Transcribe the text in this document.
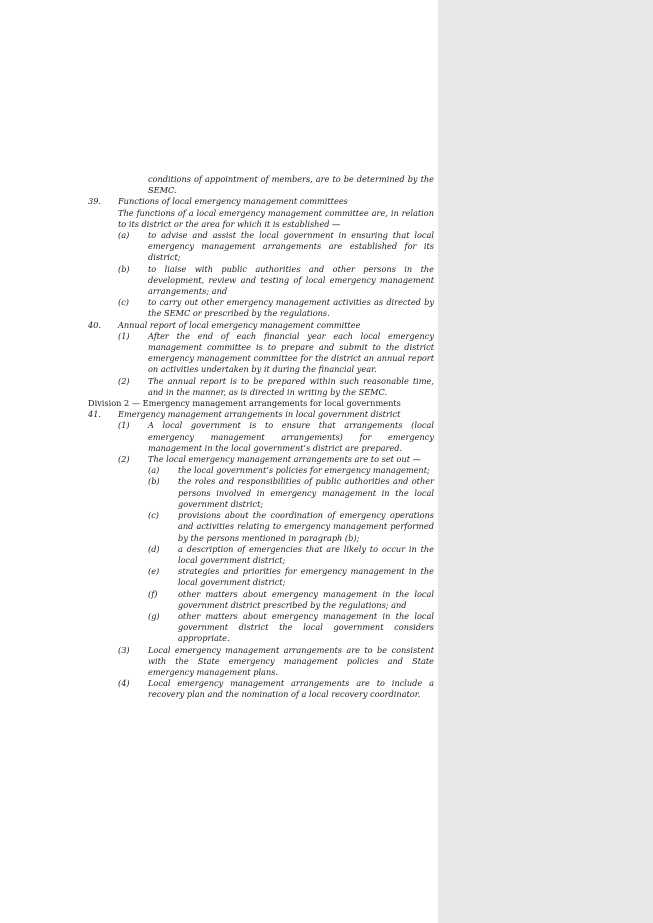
conditions of appointment of members, are to be determined by the SEMC.
39.	Functions of local emergency management committees
The functions of a local emergency management committee are, in relation to its district or the area for which it is established —
(a) to advise and assist the local government in ensuring that local emergency management arrangements are established for its district;
(b) to liaise with public authorities and other persons in the development, review and testing of local emergency management arrangements; and
(c) to carry out other emergency management activities as directed by the SEMC or prescribed by the regulations.
40.	Annual report of local emergency management committee
(1) After the end of each financial year each local emergency management committee is to prepare and submit to the district emergency management committee for the district an annual report on activities undertaken by it during the financial year.
(2) The annual report is to be prepared within such reasonable time, and in the manner, as is directed in writing by the SEMC.
Division 2 — Emergency management arrangements for local governments
41.	Emergency management arrangements in local government district
(1) A local government is to ensure that arrangements (local emergency management arrangements) for emergency management in the local government’s district are prepared.
(2) The local emergency management arrangements are to set out —
(a) the local government’s policies for emergency management;
(b) the roles and responsibilities of public authorities and other persons involved in emergency management in the local government district;
(c) provisions about the coordination of emergency operations and activities relating to emergency management performed by the persons mentioned in paragraph (b);
(d) a description of emergencies that are likely to occur in the local government district;
(e) strategies and priorities for emergency management in the local government district;
(f)	other matters about emergency management in the local government district prescribed by the regulations; and
(g) other matters about emergency management in the local government district the local government considers appropriate.
(3) Local emergency management arrangements are to be consistent with the State emergency management policies and State emergency management plans.
(4) Local emergency management arrangements are to include a recovery plan and the nomination of a local recovery coordinator.
